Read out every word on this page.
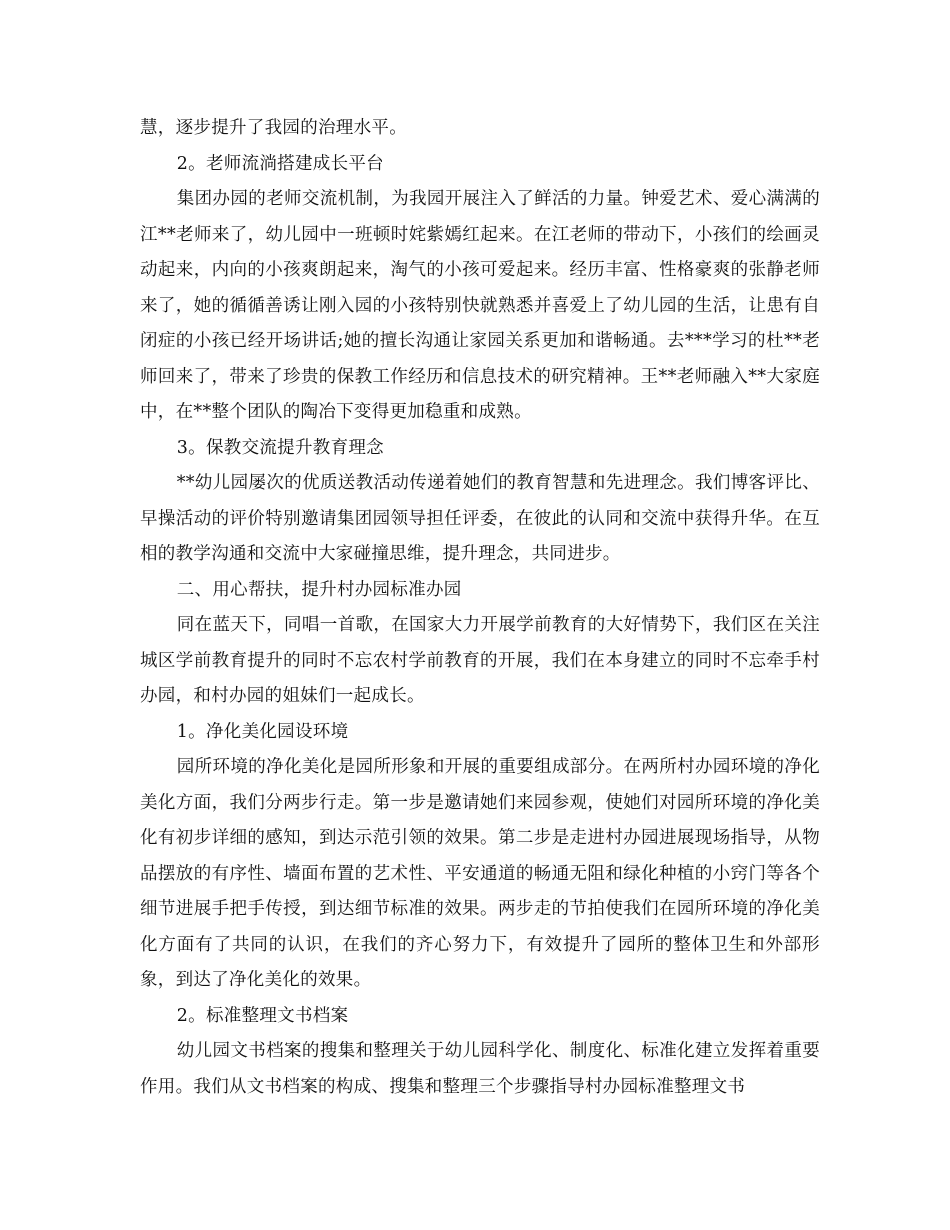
慧，逐步提升了我园的治理水平。

2。老师流淌搭建成长平台

集团办园的老师交流机制，为我园开展注入了鲜活的力量。钟爱艺术、爱心满满的江**老师来了，幼儿园中一班顿时姹紫嫣红起来。在江老师的带动下，小孩们的绘画灵动起来，内向的小孩爽朗起来，淘气的小孩可爱起来。经历丰富、性格豪爽的张静老师来了，她的循循善诱让刚入园的小孩特别快就熟悉并喜爱上了幼儿园的生活，让患有自闭症的小孩已经开场讲话;她的擅长沟通让家园关系更加和谐畅通。去***学习的杜**老师回来了，带来了珍贵的保教工作经历和信息技术的研究精神。王**老师融入**大家庭中，在**整个团队的陶冶下变得更加稳重和成熟。

3。保教交流提升教育理念

**幼儿园屡次的优质送教活动传递着她们的教育智慧和先进理念。我们博客评比、早操活动的评价特别邀请集团园领导担任评委，在彼此的认同和交流中获得升华。在互相的教学沟通和交流中大家碰撞思维，提升理念，共同进步。

二、用心帮扶，提升村办园标准办园

同在蓝天下，同唱一首歌，在国家大力开展学前教育的大好情势下，我们区在关注城区学前教育提升的同时不忘农村学前教育的开展，我们在本身建立的同时不忘牵手村办园，和村办园的姐妹们一起成长。

1。净化美化园设环境

园所环境的净化美化是园所形象和开展的重要组成部分。在两所村办园环境的净化美化方面，我们分两步行走。第一步是邀请她们来园参观，使她们对园所环境的净化美化有初步详细的感知，到达示范引领的效果。第二步是走进村办园进展现场指导，从物品摆放的有序性、墙面布置的艺术性、平安通道的畅通无阻和绿化种植的小窍门等各个细节进展手把手传授，到达细节标准的效果。两步走的节拍使我们在园所环境的净化美化方面有了共同的认识，在我们的齐心努力下，有效提升了园所的整体卫生和外部形象，到达了净化美化的效果。

2。标准整理文书档案

幼儿园文书档案的搜集和整理关于幼儿园科学化、制度化、标准化建立发挥着重要作用。我们从文书档案的构成、搜集和整理三个步骤指导村办园标准整理文书
